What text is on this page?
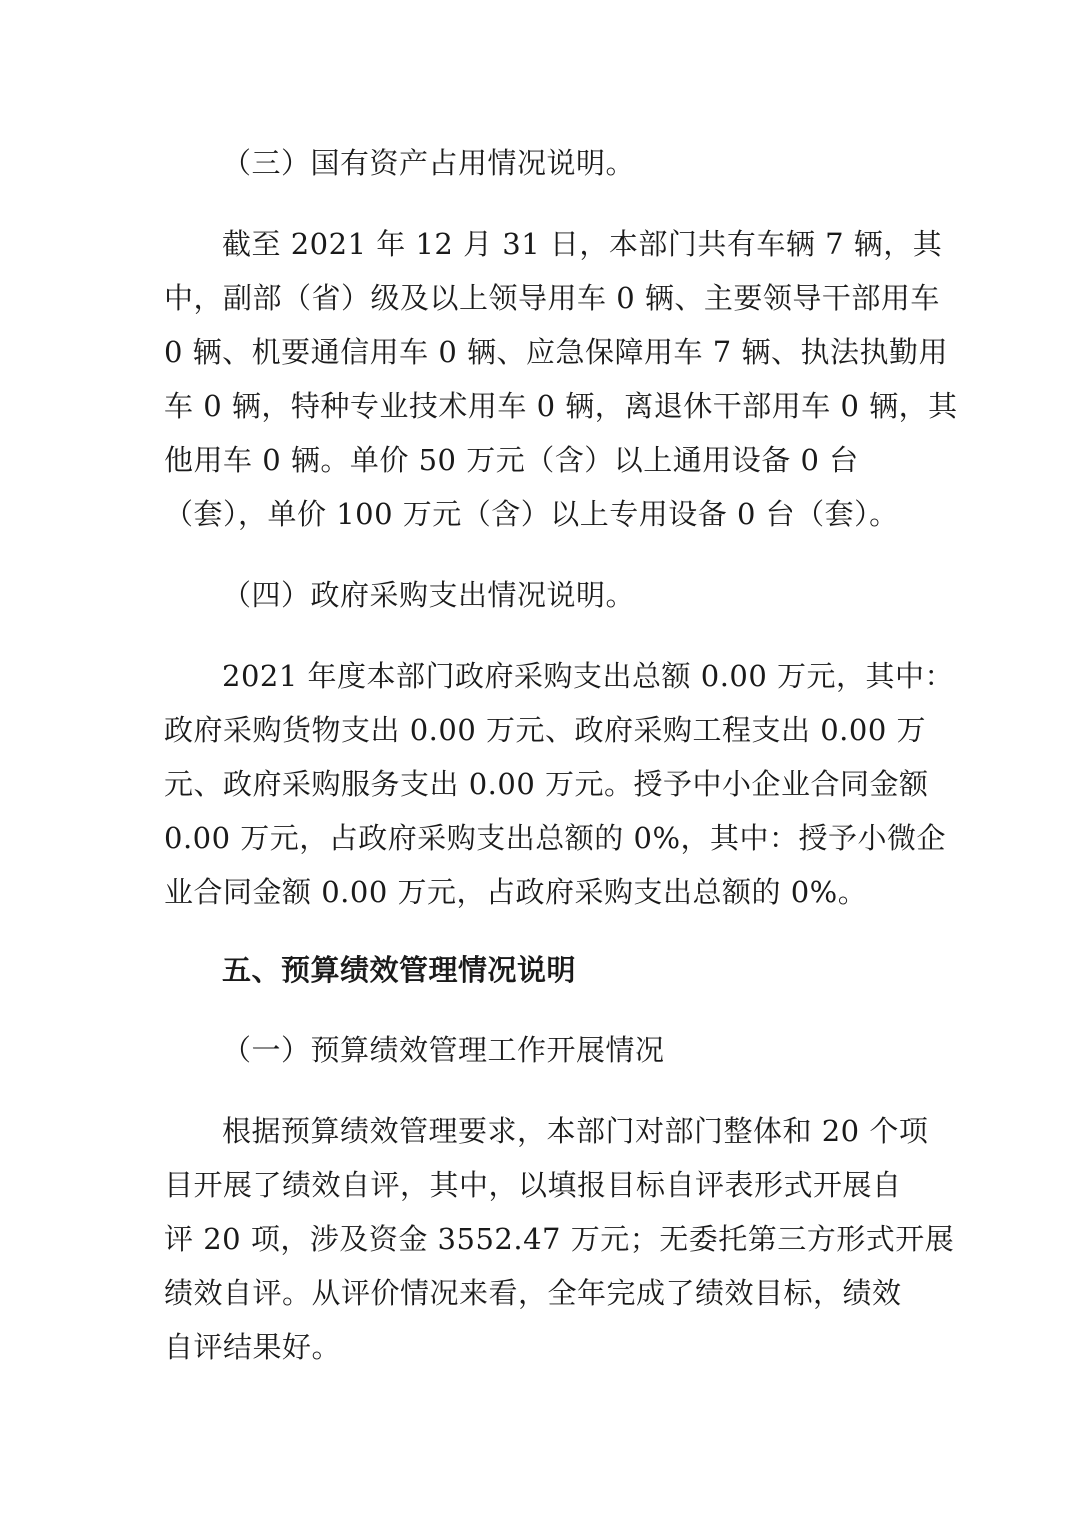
（三）国有资产占用情况说明。
截至 2021 年 12 月 31 日，本部门共有车辆 7 辆，其
中，副部（省）级及以上领导用车 0 辆、主要领导干部用车
0 辆、机要通信用车 0 辆、应急保障用车 7 辆、执法执勤用
车 0 辆，特种专业技术用车 0 辆，离退休干部用车 0 辆，其
他用车 0 辆。单价 50 万元（含）以上通用设备 0 台
（套），单价 100 万元（含）以上专用设备 0 台（套）。
（四）政府采购支出情况说明。
2021 年度本部门政府采购支出总额 0.00 万元，其中：
政府采购货物支出 0.00 万元、政府采购工程支出 0.00 万
元、政府采购服务支出 0.00 万元。授予中小企业合同金额
0.00 万元，占政府采购支出总额的 0%，其中：授予小微企
业合同金额 0.00 万元，占政府采购支出总额的 0%。
五、预算绩效管理情况说明
（一）预算绩效管理工作开展情况
根据预算绩效管理要求，本部门对部门整体和 20 个项
目开展了绩效自评，其中，以填报目标自评表形式开展自
评 20 项，涉及资金 3552.47 万元；无委托第三方形式开展
绩效自评。从评价情况来看，全年完成了绩效目标，绩效
自评结果好。
